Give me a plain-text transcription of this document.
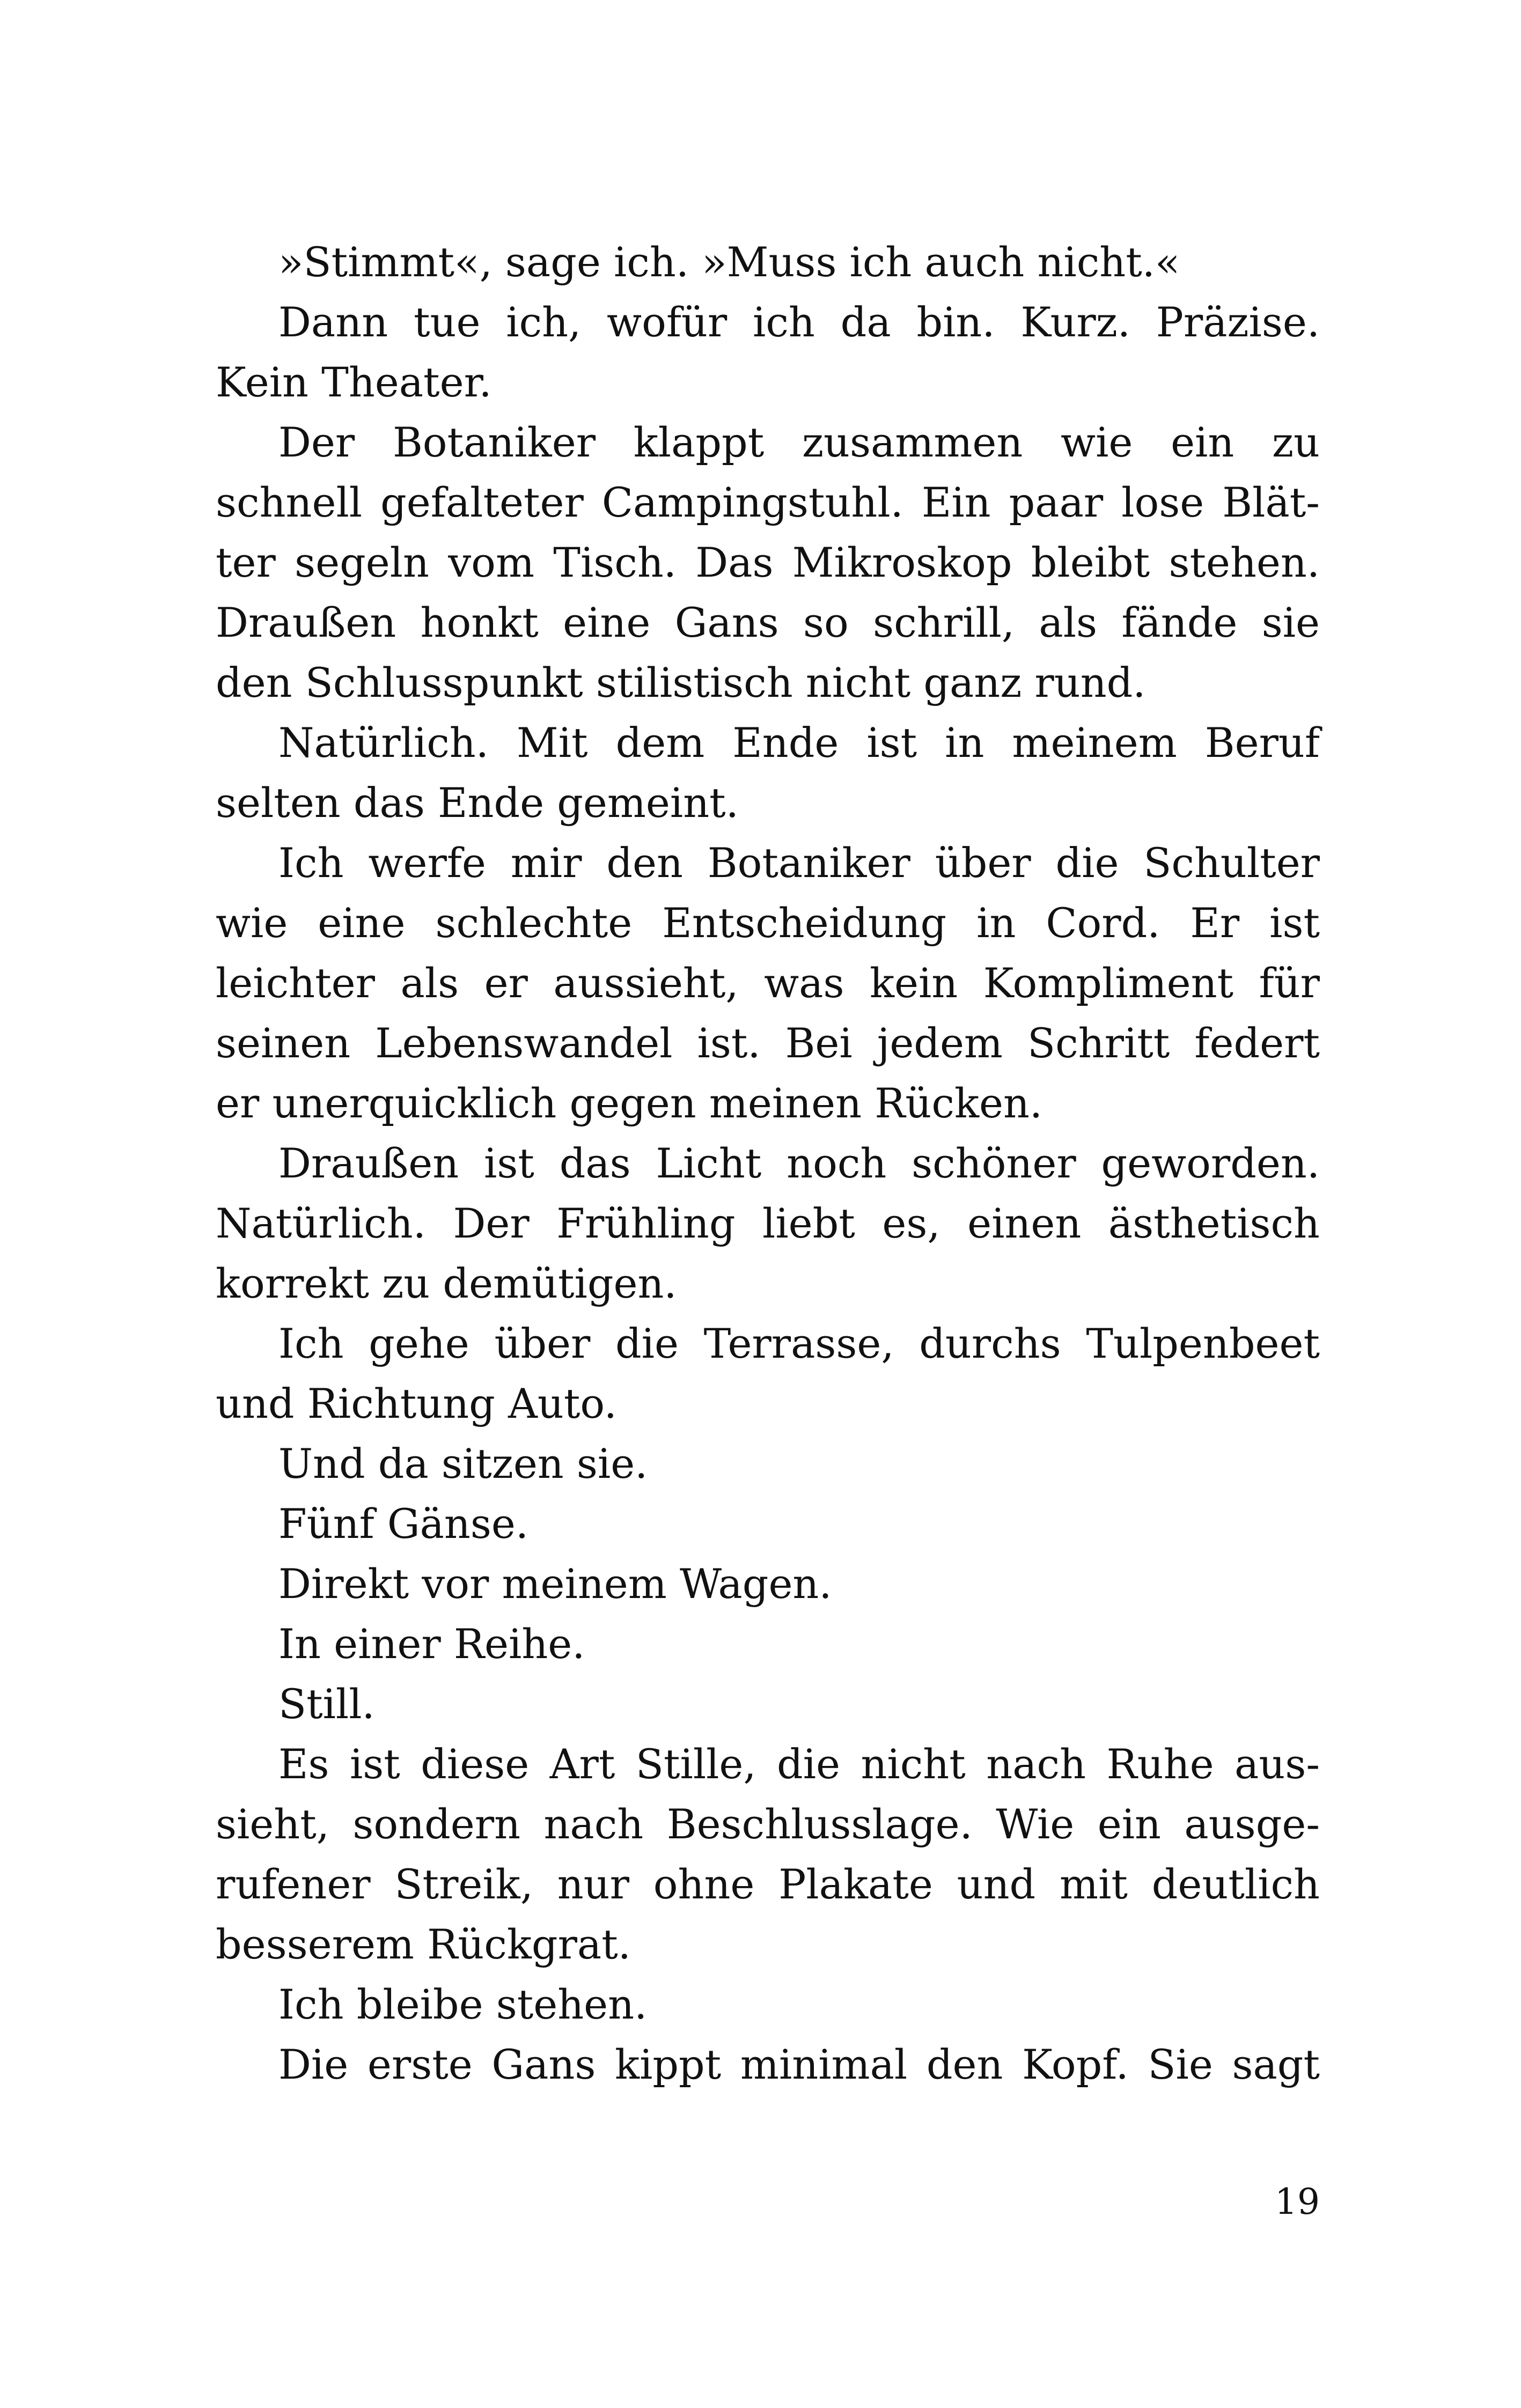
»Stimmt«, sage ich. »Muss ich auch nicht.«
Dann tue ich, wofür ich da bin. Kurz. Präzise.
Kein Theater.
Der Botaniker klappt zusammen wie ein zu
schnell gefalteter Campingstuhl. Ein paar lose Blät-
ter segeln vom Tisch. Das Mikroskop bleibt stehen.
Draußen honkt eine Gans so schrill, als fände sie
den Schlusspunkt stilistisch nicht ganz rund.
Natürlich. Mit dem Ende ist in meinem Beruf
selten das Ende gemeint.
Ich werfe mir den Botaniker über die Schulter
wie eine schlechte Entscheidung in Cord. Er ist
leichter als er aussieht, was kein Kompliment für
seinen Lebenswandel ist. Bei jedem Schritt federt
er unerquicklich gegen meinen Rücken.
Draußen ist das Licht noch schöner geworden.
Natürlich. Der Frühling liebt es, einen ästhetisch
korrekt zu demütigen.
Ich gehe über die Terrasse, durchs Tulpenbeet
und Richtung Auto.
Und da sitzen sie.
Fünf Gänse.
Direkt vor meinem Wagen.
In einer Reihe.
Still.
Es ist diese Art Stille, die nicht nach Ruhe aus-
sieht, sondern nach Beschlusslage. Wie ein ausge-
rufener Streik, nur ohne Plakate und mit deutlich
besserem Rückgrat.
Ich bleibe stehen.
Die erste Gans kippt minimal den Kopf. Sie sagt
19
